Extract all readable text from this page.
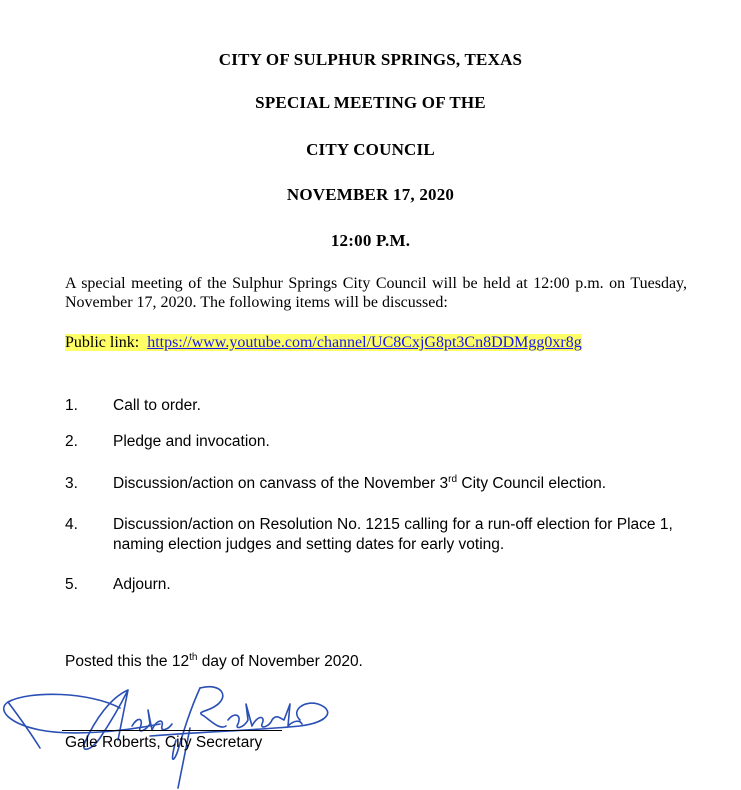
CITY OF SULPHUR SPRINGS, TEXAS
SPECIAL MEETING OF THE
CITY COUNCIL
NOVEMBER 17, 2020
12:00 P.M.
A special meeting of the Sulphur Springs City Council will be held at 12:00 p.m. on Tuesday, November 17, 2020. The following items will be discussed:
Public link: https://www.youtube.com/channel/UC8CxjG8pt3Cn8DDMgg0xr8g
1. Call to order.
2. Pledge and invocation.
3. Discussion/action on canvass of the November 3rd City Council election.
4. Discussion/action on Resolution No. 1215 calling for a run-off election for Place 1, naming election judges and setting dates for early voting.
5. Adjourn.
Posted this the 12th day of November 2020.
Gale Roberts, City Secretary
